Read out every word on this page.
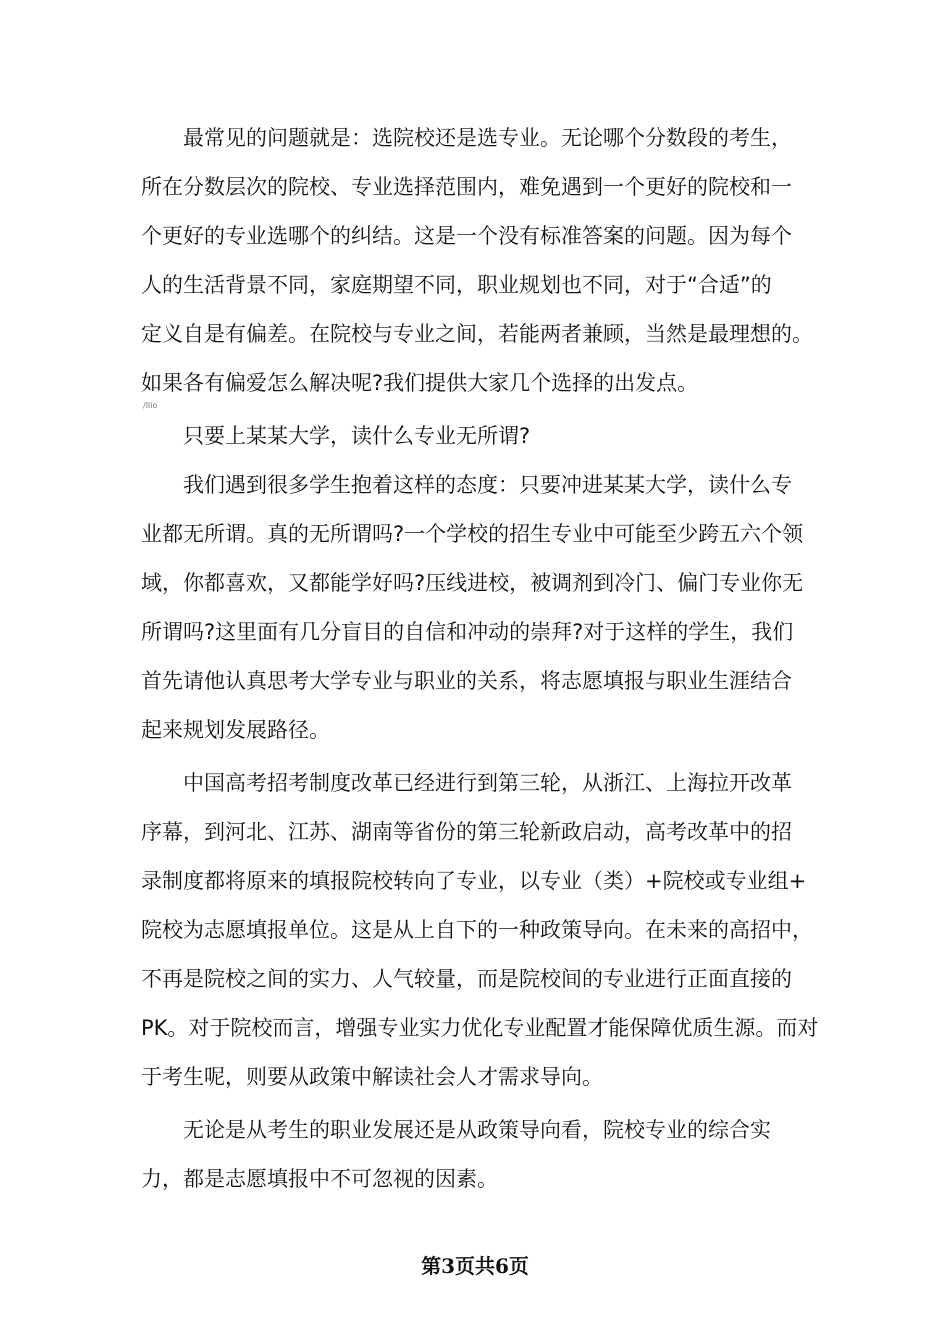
最常见的问题就是：选院校还是选专业。无论哪个分数段的考生，
所在分数层次的院校、专业选择范围内，难免遇到一个更好的院校和一
个更好的专业选哪个的纠结。这是一个没有标准答案的问题。因为每个
人的生活背景不同，家庭期望不同，职业规划也不同，对于“合适”的
定义自是有偏差。在院校与专业之间，若能两者兼顾，当然是最理想的。
如果各有偏爱怎么解决呢?我们提供大家几个选择的出发点。
只要上某某大学，读什么专业无所谓?
我们遇到很多学生抱着这样的态度：只要冲进某某大学，读什么专
业都无所谓。真的无所谓吗?一个学校的招生专业中可能至少跨五六个领
域，你都喜欢，又都能学好吗?压线进校，被调剂到冷门、偏门专业你无
所谓吗?这里面有几分盲目的自信和冲动的崇拜?对于这样的学生，我们
首先请他认真思考大学专业与职业的关系，将志愿填报与职业生涯结合
起来规划发展路径。
中国高考招考制度改革已经进行到第三轮，从浙江、上海拉开改革
序幕，到河北、江苏、湖南等省份的第三轮新政启动，高考改革中的招
录制度都将原来的填报院校转向了专业，以专业（类）+院校或专业组+
院校为志愿填报单位。这是从上自下的一种政策导向。在未来的高招中，
不再是院校之间的实力、人气较量，而是院校间的专业进行正面直接的
PK。对于院校而言，增强专业实力优化专业配置才能保障优质生源。而对
于考生呢，则要从政策中解读社会人才需求导向。
无论是从考生的职业发展还是从政策导向看，院校专业的综合实
力，都是志愿填报中不可忽视的因素。
/Ilio
第3页共6页
